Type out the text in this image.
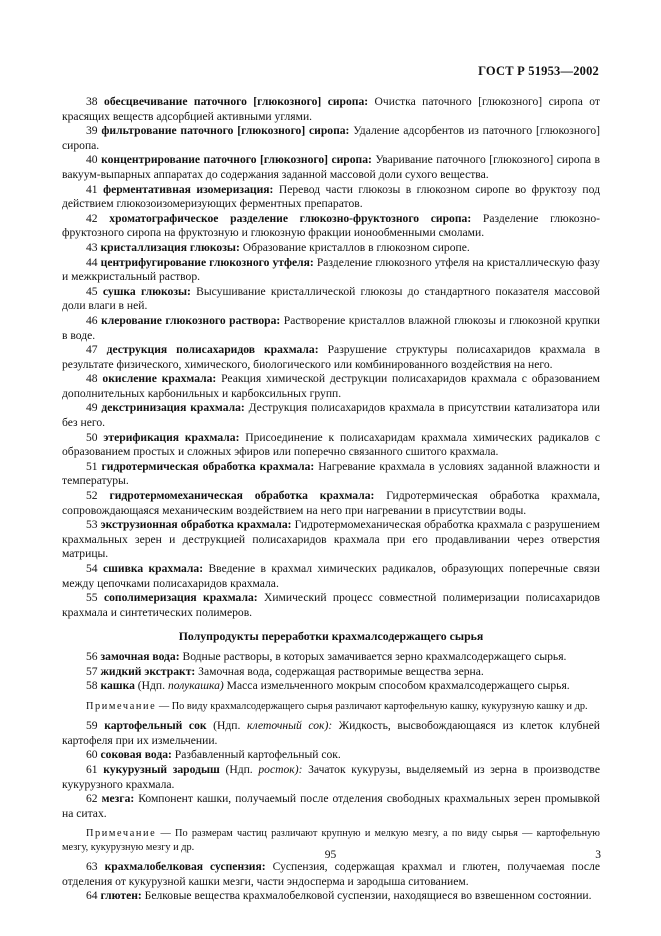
ГОСТ Р 51953—2002

38 обесцвечивание паточного [глюкозного] сиропа: Очистка паточного [глюкозного] сиропа от красящих веществ адсорбцией активными углями.

39 фильтрование паточного [глюкозного] сиропа: Удаление адсорбентов из паточного [глюкозного] сиропа.

40 концентрирование паточного [глюкозного] сиропа: Уваривание паточного [глюкозного] сиропа в вакуум-выпарных аппаратах до содержания заданной массовой доли сухого вещества.

41 ферментативная изомеризация: Перевод части глюкозы в глюкозном сиропе во фруктозу под действием глюкозоизомеризующих ферментных препаратов.

42 хроматографическое разделение глюкозно-фруктозного сиропа: Разделение глюкозно-фруктозного сиропа на фруктозную и глюкозную фракции ионообменными смолами.

43 кристаллизация глюкозы: Образование кристаллов в глюкозном сиропе.

44 центрифугирование глюкозного утфеля: Разделение глюкозного утфеля на кристаллическую фазу и межкристальный раствор.

45 сушка глюкозы: Высушивание кристаллической глюкозы до стандартного показателя массовой доли влаги в ней.

46 клерование глюкозного раствора: Растворение кристаллов влажной глюкозы и глюкозной крупки в воде.

47 деструкция полисахаридов крахмала: Разрушение структуры полисахаридов крахмала в результате физического, химического, биологического или комбинированного воздействия на него.

48 окисление крахмала: Реакция химической деструкции полисахаридов крахмала с образованием дополнительных карбонильных и карбоксильных групп.

49 декстринизация крахмала: Деструкция полисахаридов крахмала в присутствии катализатора или без него.

50 этерификация крахмала: Присоединение к полисахаридам крахмала химических радикалов с образованием простых и сложных эфиров или поперечно связанного сшитого крахмала.

51 гидротермическая обработка крахмала: Нагревание крахмала в условиях заданной влажности и температуры.

52 гидротермомеханическая обработка крахмала: Гидротермическая обработка крахмала, сопровождающаяся механическим воздействием на него при нагревании в присутствии воды.

53 экструзионная обработка крахмала: Гидротермомеханическая обработка крахмала с разрушением крахмальных зерен и деструкцией полисахаридов крахмала при его продавливании через отверстия матрицы.

54 сшивка крахмала: Введение в крахмал химических радикалов, образующих поперечные связи между цепочками полисахаридов крахмала.

55 сополимеризация крахмала: Химический процесс совместной полимеризации полисахаридов крахмала и синтетических полимеров.

Полупродукты переработки крахмалсодержащего сырья

56 замочная вода: Водные растворы, в которых замачивается зерно крахмалсодержащего сырья.

57 жидкий экстракт: Замочная вода, содержащая растворимые вещества зерна.

58 кашка (Ндп. полукашка) Масса измельченного мокрым способом крахмалсодержащего сырья.

Примечание — По виду крахмалсодержащего сырья различают картофельную кашку, кукурузную кашку и др.

59 картофельный сок (Ндп. клеточный сок): Жидкость, высвобождающаяся из клеток клубней картофеля при их измельчении.

60 соковая вода: Разбавленный картофельный сок.

61 кукурузный зародыш (Ндп. росток): Зачаток кукурузы, выделяемый из зерна в производстве кукурузного крахмала.

62 мезга: Компонент кашки, получаемый после отделения свободных крахмальных зерен промывкой на ситах.

Примечание — По размерам частиц различают крупную и мелкую мезгу, а по виду сырья — картофельную мезгу, кукурузную мезгу и др.

63 крахмалобелковая суспензия: Суспензия, содержащая крахмал и глютен, получаемая после отделения от кукурузной кашки мезги, части эндосперма и зародыша ситованием.

64 глютен: Белковые вещества крахмалобелковой суспензии, находящиеся во взвешенном состоянии.

95	3
